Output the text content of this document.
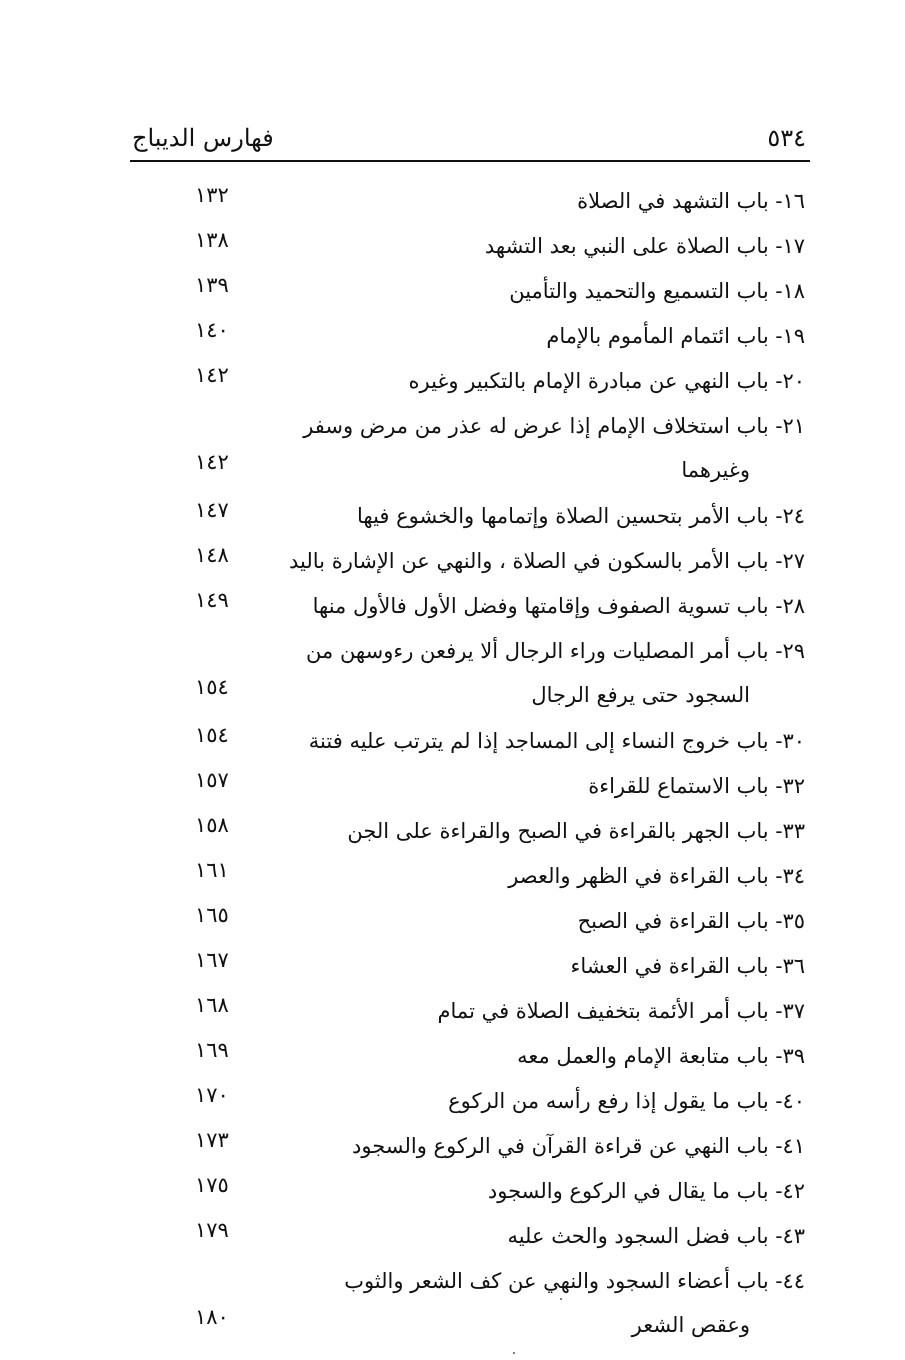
فهارس الديباج	٥٣٤
١٦- باب التشهد في الصلاة
١٣٢
١٧- باب الصلاة على النبي بعد التشهد
١٣٨
١٨- باب التسميع والتحميد والتأمين
١٣٩
١٩- باب ائتمام المأموم بالإمام
١٤٠
٢٠- باب النهي عن مبادرة الإمام بالتكبير وغيره
١٤٢
٢١- باب استخلاف الإمام إذا عرض له عذر من مرض وسفر
وغيرهما
١٤٢
٢٤- باب الأمر بتحسين الصلاة وإتمامها والخشوع فيها
١٤٧
٢٧- باب الأمر بالسكون في الصلاة ، والنهي عن الإشارة باليد
١٤٨
٢٨- باب تسوية الصفوف وإقامتها وفضل الأول فالأول منها
١٤٩
٢٩- باب أمر المصليات وراء الرجال ألا يرفعن رءوسهن من
السجود حتى يرفع الرجال
١٥٤
٣٠- باب خروج النساء إلى المساجد إذا لم يترتب عليه فتنة
١٥٤
٣٢- باب الاستماع للقراءة
١٥٧
٣٣- باب الجهر بالقراءة في الصبح والقراءة على الجن
١٥٨
٣٤- باب القراءة في الظهر والعصر
١٦١
٣٥- باب القراءة في الصبح
١٦٥
٣٦- باب القراءة في العشاء
١٦٧
٣٧- باب أمر الأئمة بتخفيف الصلاة في تمام
١٦٨
٣٩- باب متابعة الإمام والعمل معه
١٦٩
٤٠- باب ما يقول إذا رفع رأسه من الركوع
١٧٠
٤١- باب النهي عن قراءة القرآن في الركوع والسجود
١٧٣
٤٢- باب ما يقال في الركوع والسجود
١٧٥
٤٣- باب فضل السجود والحث عليه
١٧٩
٤٤- باب أعضاء السجود والنهي عن كف الشعر والثوب
وعقص الشعر
١٨٠
